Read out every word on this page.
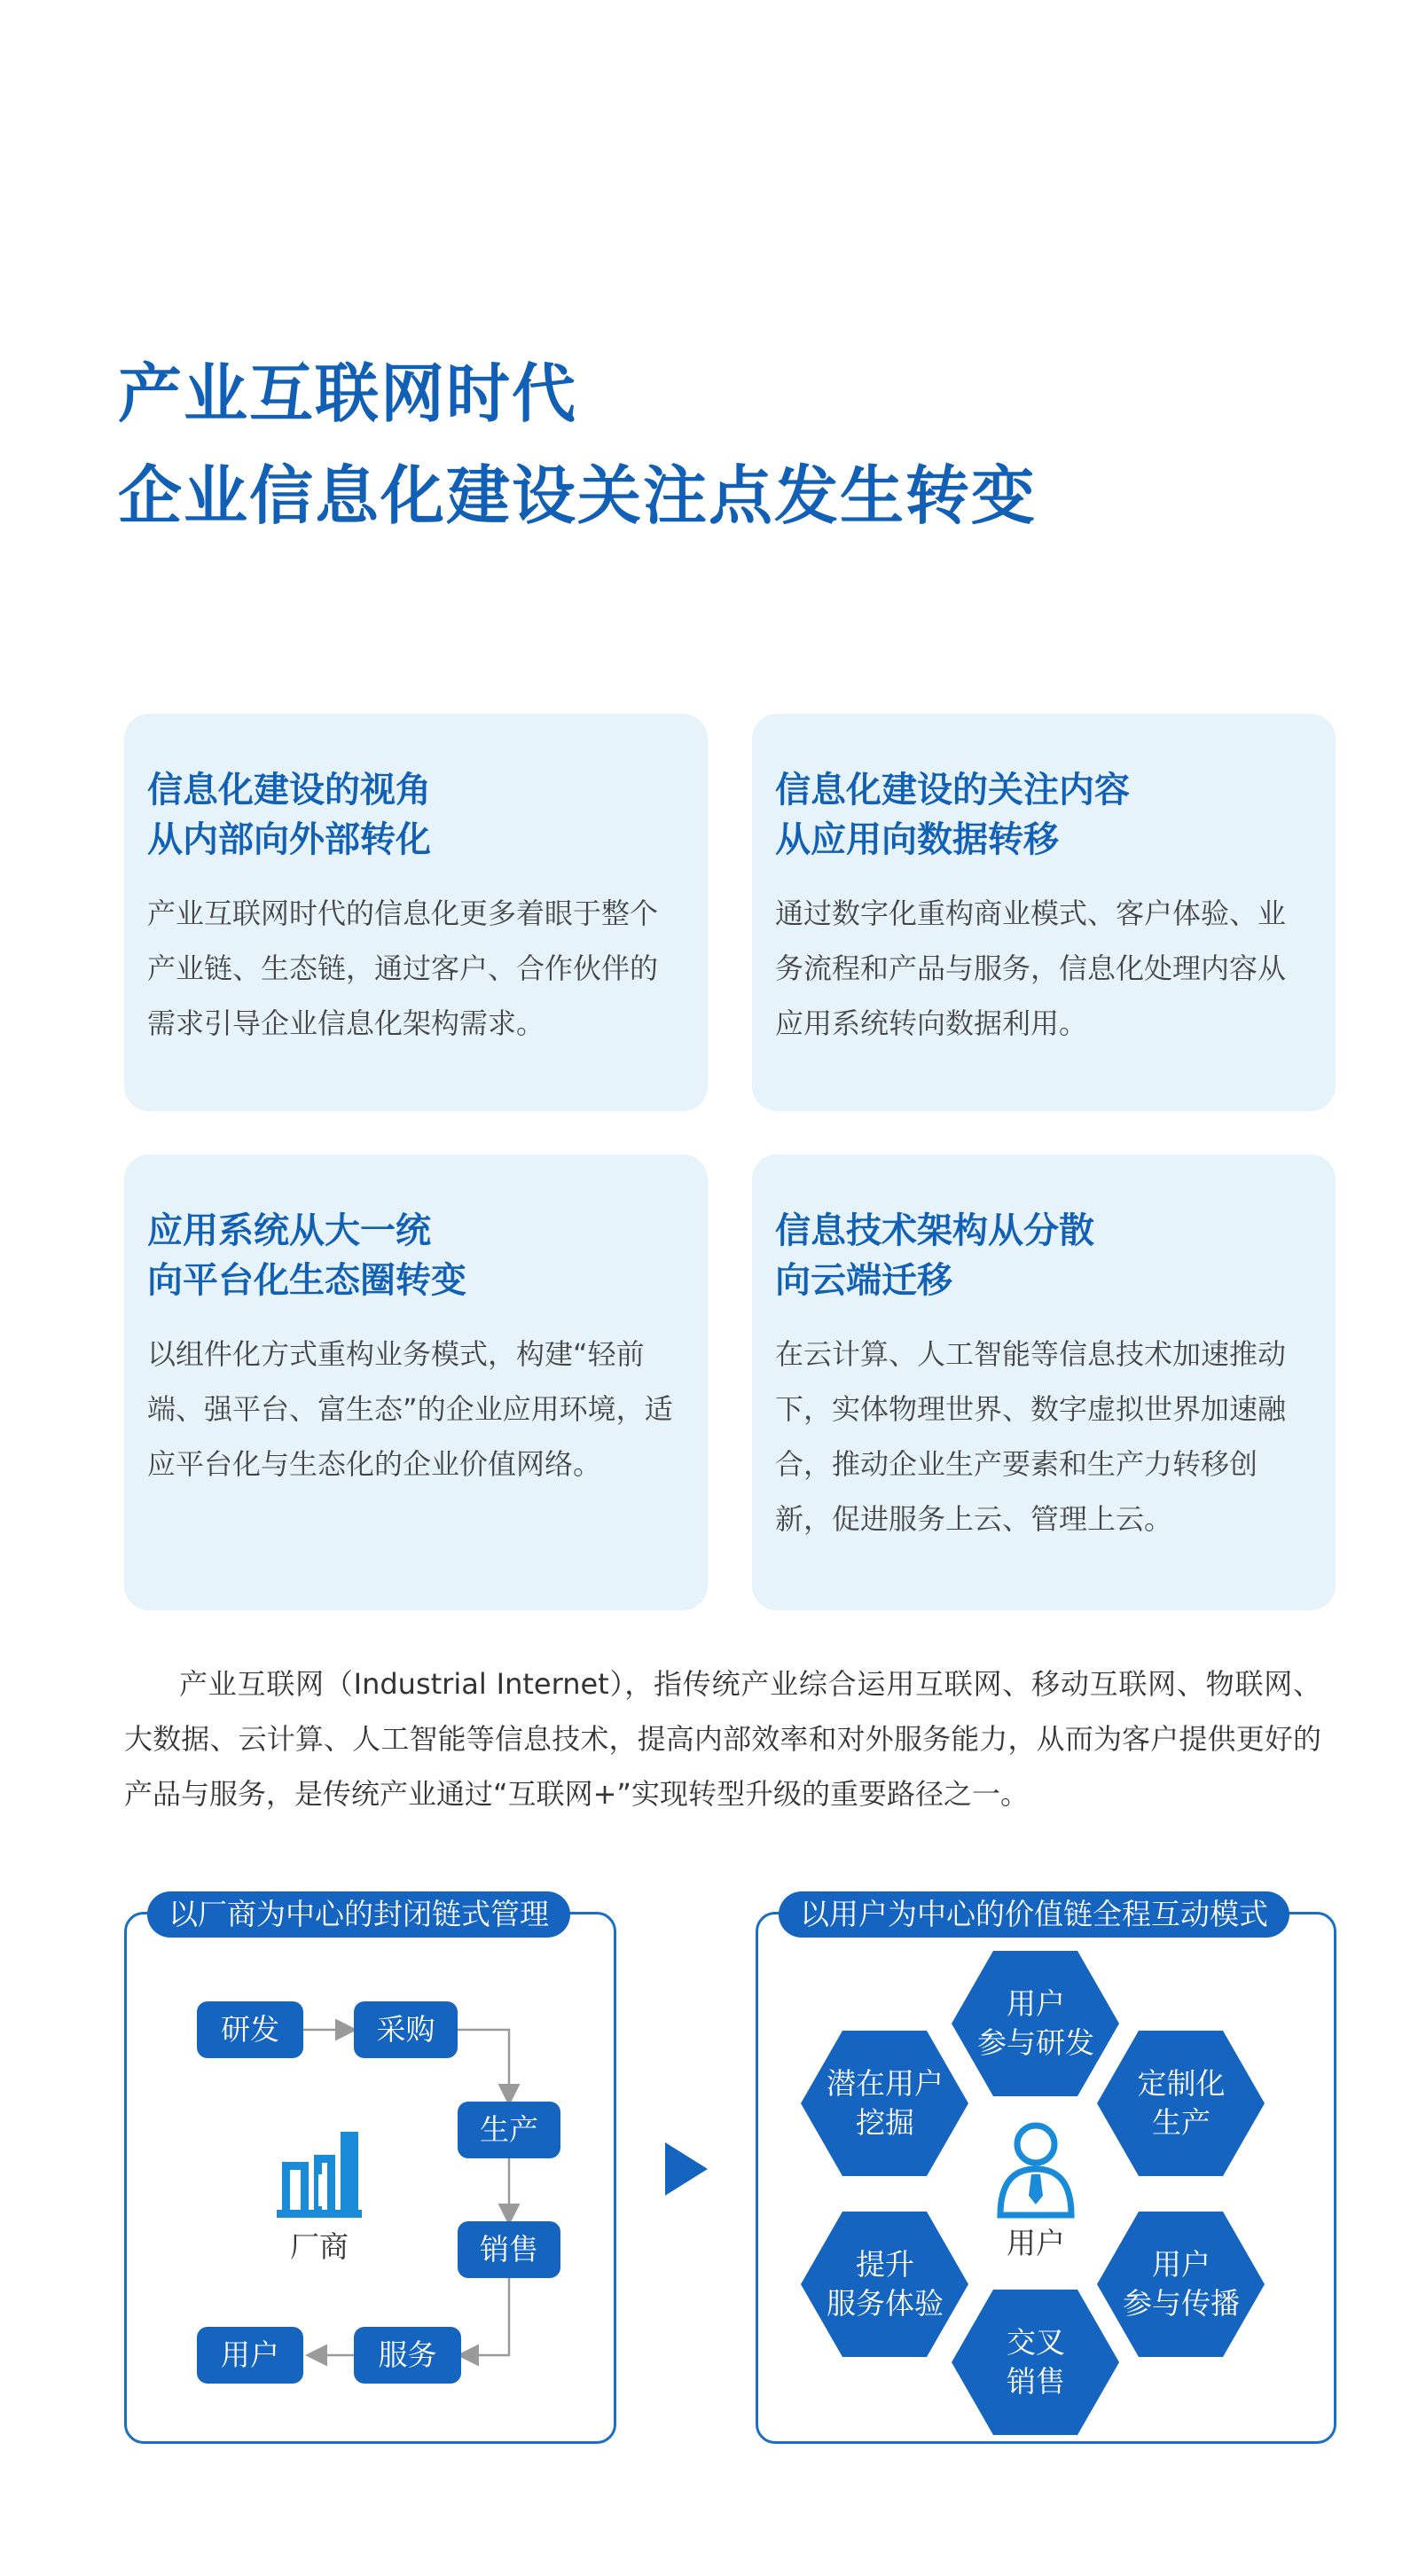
产业互联网时代
企业信息化建设关注点发生转变
信息化建设的视角
从内部向外部转化

产业互联网时代的信息化更多着眼于整个产业链、生态链，通过客户、合作伙伴的需求引导企业信息化架构需求。

信息化建设的关注内容
从应用向数据转移

通过数字化重构商业模式、客户体验、业务流程和产品与服务，信息化处理内容从应用系统转向数据利用。

应用系统从大一统
向平台化生态圈转变

以组件化方式重构业务模式，构建“轻前端、强平台、富生态”的企业应用环境，适应平台化与生态化的企业价值网络。

信息技术架构从分散
向云端迁移

在云计算、人工智能等信息技术加速推动下，实体物理世界、数字虚拟世界加速融合，推动企业生产要素和生产力转移创新，促进服务上云、管理上云。

产业互联网（Industrial Internet），指传统产业综合运用互联网、移动互联网、物联网、大数据、云计算、人工智能等信息技术，提高内部效率和对外服务能力，从而为客户提供更好的产品与服务，是传统产业通过“互联网+”实现转型升级的重要路径之一。

以厂商为中心的封闭链式管理	以用户为中心的价值链全程互动模式
研发	采购
生产
销售
服务
用户
厂商
用户
参与研发
定制化
生产
用户
参与传播
交叉
销售
提升
服务体验
潜在用户
挖掘
用户
